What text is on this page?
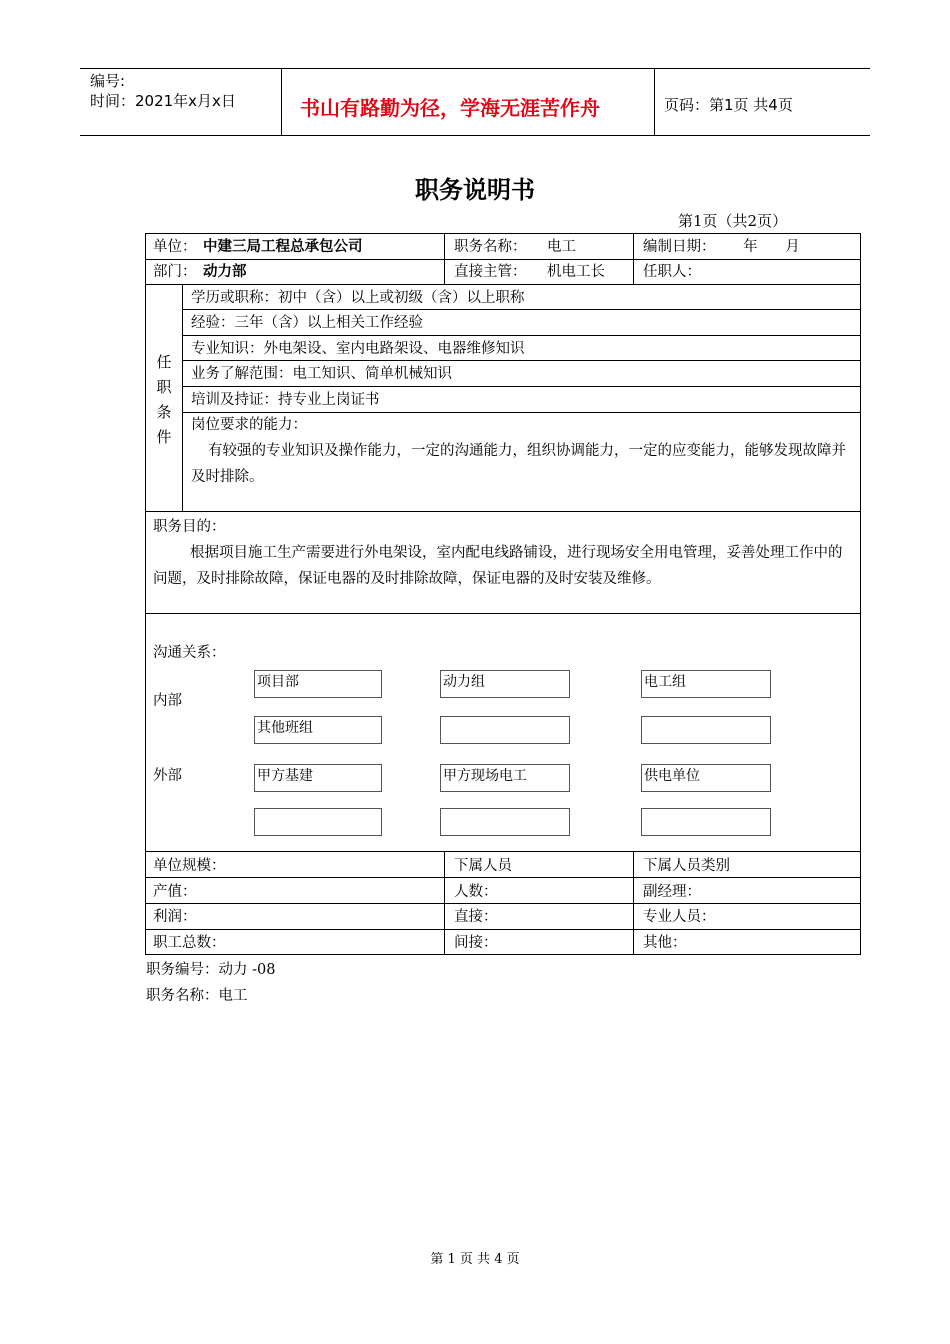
编号:
时间：2021年x月x日	书山有路勤为径，学海无涯苦作舟	页码：第1页 共4页
职务说明书
第1页（共2页）
单位： 中建三局工程总承包公司	职务名称： 电工	编制日期：      年      月
部门： 动力部	直接主管： 机电工长	任职人：
任
职
条
件
学历或职称：初中（含）以上或初级（含）以上职称
经验：三年（含）以上相关工作经验
专业知识：外电架设、室内电路架设、电器维修知识
业务了解范围：电工知识、简单机械知识
培训及持证：持专业上岗证书
岗位要求的能力：
有较强的专业知识及操作能力，一定的沟通能力，组织协调能力，一定的应变能力，能够发现故障并及时排除。
职务目的：
根据项目施工生产需要进行外电架设，室内配电线路铺设，进行现场安全用电管理，妥善处理工作中的问题，及时排除故障，保证电器的及时排除故障，保证电器的及时安装及维修。
沟通关系：
内部
外部
项目部	动力组	电工组
其他班组
甲方基建	甲方现场电工	供电单位
单位规模：	下属人员	下属人员类别
产值：	人数：	副经理：
利润：	直接：	专业人员：
职工总数：	间接：	其他：
职务编号：动力 -08
职务名称：电工
第 1 页 共 4 页
